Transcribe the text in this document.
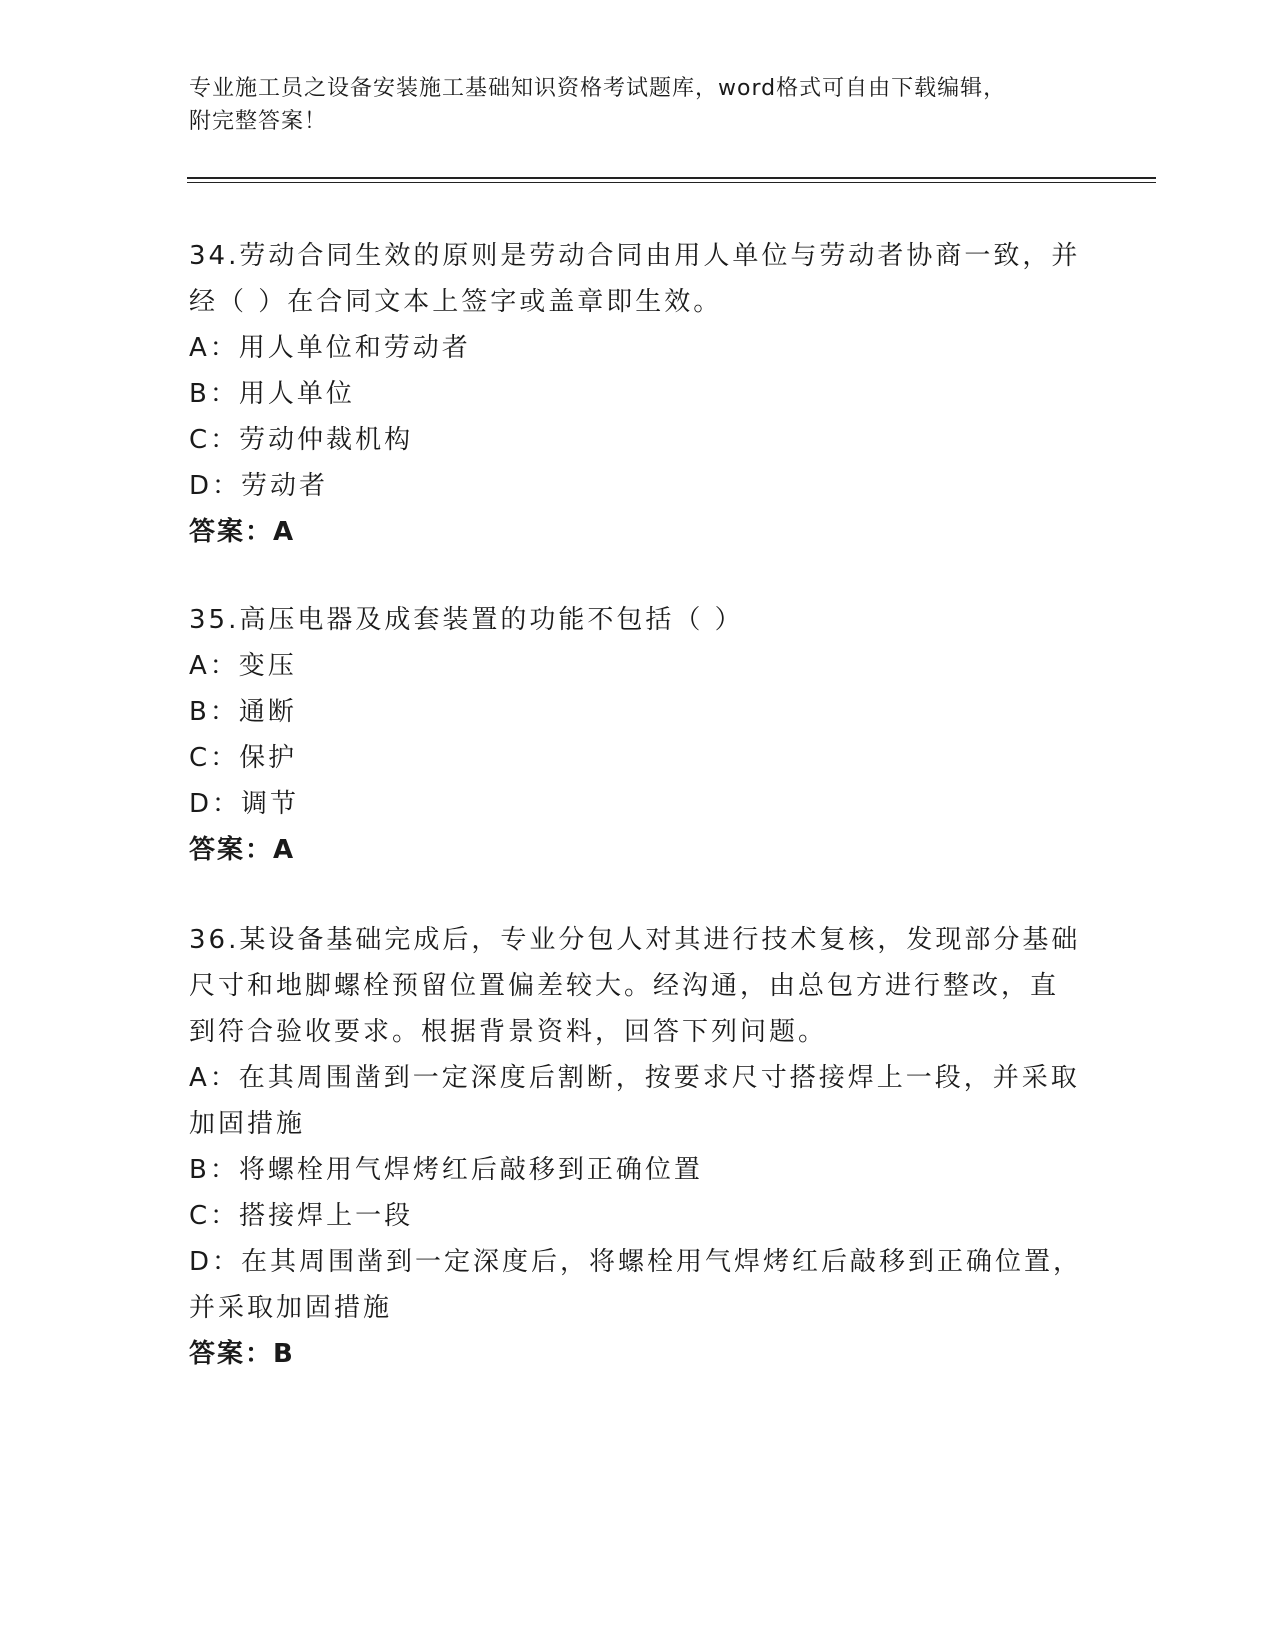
专业施工员之设备安装施工基础知识资格考试题库，word格式可自由下载编辑，
附完整答案！
34.劳动合同生效的原则是劳动合同由用人单位与劳动者协商一致，并
经（ ）在合同文本上签字或盖章即生效。
A：用人单位和劳动者
B：用人单位
C：劳动仲裁机构
D：劳动者
答案：A
35.高压电器及成套装置的功能不包括（ ）
A：变压
B：通断
C：保护
D：调节
答案：A
36.某设备基础完成后，专业分包人对其进行技术复核，发现部分基础
尺寸和地脚螺栓预留位置偏差较大。经沟通，由总包方进行整改，直
到符合验收要求。根据背景资料，回答下列问题。
A：在其周围凿到一定深度后割断，按要求尺寸搭接焊上一段，并采取
加固措施
B：将螺栓用气焊烤红后敲移到正确位置
C：搭接焊上一段
D：在其周围凿到一定深度后，将螺栓用气焊烤红后敲移到正确位置，
并采取加固措施
答案：B
